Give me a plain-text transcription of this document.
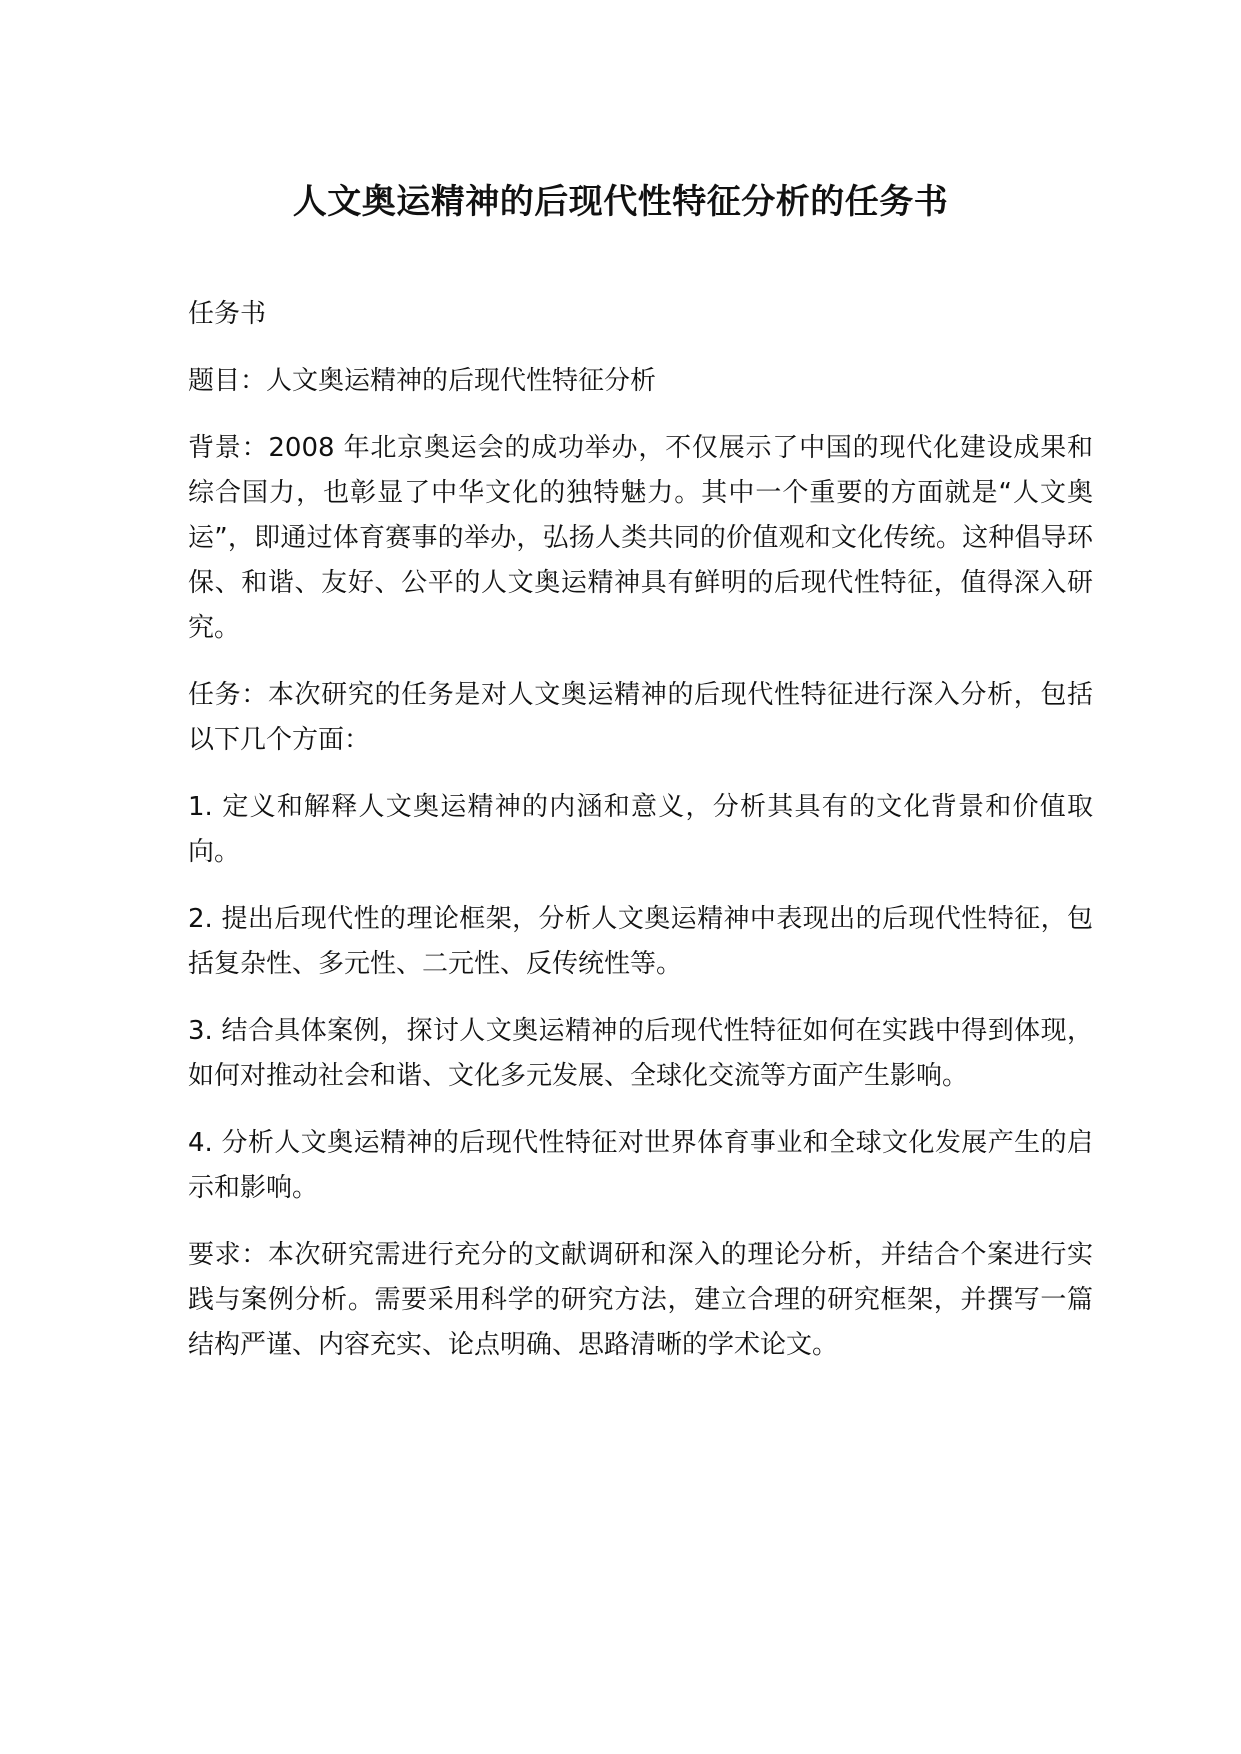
人文奥运精神的后现代性特征分析的任务书

任务书

题目：人文奥运精神的后现代性特征分析

背景：2008 年北京奥运会的成功举办，不仅展示了中国的现代化建设成果和综合国力，也彰显了中华文化的独特魅力。其中一个重要的方面就是“人文奥运”，即通过体育赛事的举办，弘扬人类共同的价值观和文化传统。这种倡导环保、和谐、友好、公平的人文奥运精神具有鲜明的后现代性特征，值得深入研究。

任务：本次研究的任务是对人文奥运精神的后现代性特征进行深入分析，包括以下几个方面：

1. 定义和解释人文奥运精神的内涵和意义，分析其具有的文化背景和价值取向。

2. 提出后现代性的理论框架，分析人文奥运精神中表现出的后现代性特征，包括复杂性、多元性、二元性、反传统性等。

3. 结合具体案例，探讨人文奥运精神的后现代性特征如何在实践中得到体现，如何对推动社会和谐、文化多元发展、全球化交流等方面产生影响。

4. 分析人文奥运精神的后现代性特征对世界体育事业和全球文化发展产生的启示和影响。

要求：本次研究需进行充分的文献调研和深入的理论分析，并结合个案进行实践与案例分析。需要采用科学的研究方法，建立合理的研究框架，并撰写一篇结构严谨、内容充实、论点明确、思路清晰的学术论文。
